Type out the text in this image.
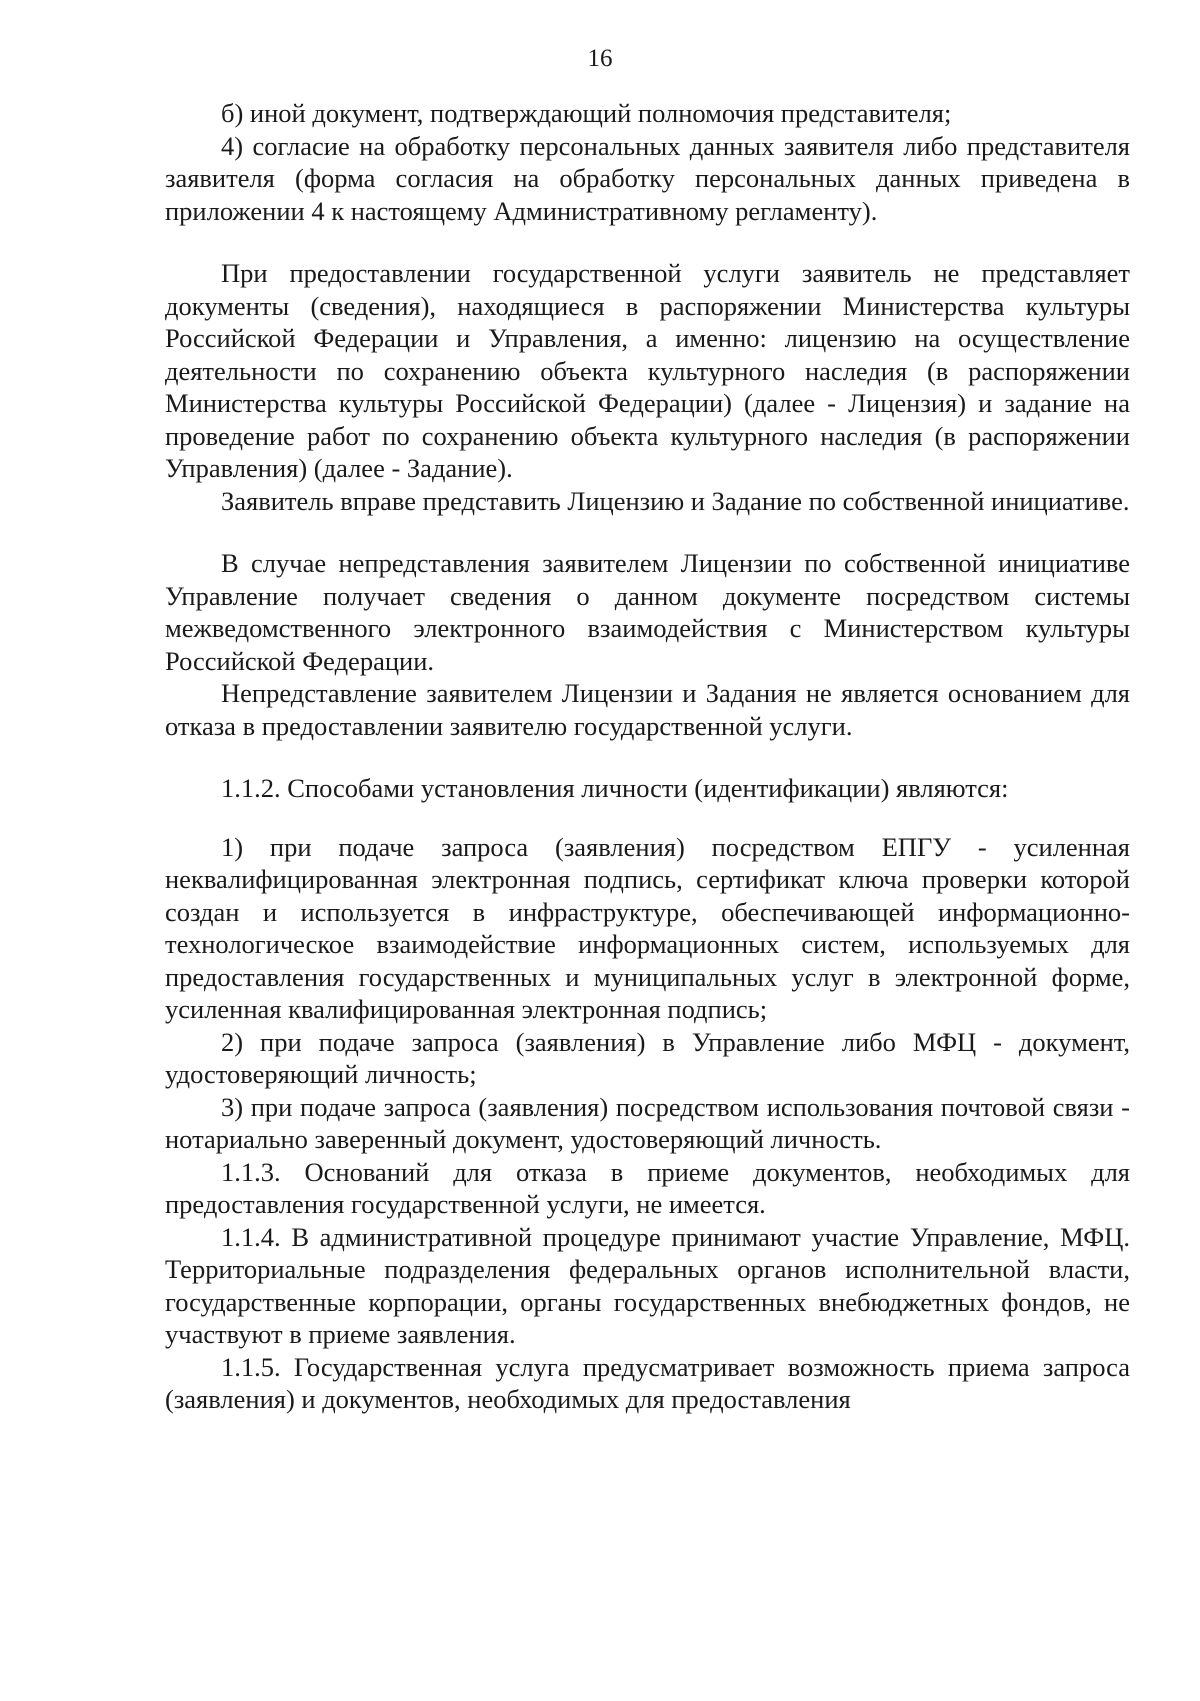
16

б) иной документ, подтверждающий полномочия представителя;

4) согласие на обработку персональных данных заявителя либо представителя заявителя (форма согласия на обработку персональных данных приведена в приложении 4 к настоящему Административному регламенту).

При предоставлении государственной услуги заявитель не представляет документы (сведения), находящиеся в распоряжении Министерства культуры Российской Федерации и Управления, а именно: лицензию на осуществление деятельности по сохранению объекта культурного наследия (в распоряжении Министерства культуры Российской Федерации) (далее - Лицензия) и задание на проведение работ по сохранению объекта культурного наследия (в распоряжении Управления) (далее - Задание).

Заявитель вправе представить Лицензию и Задание по собственной инициативе.

В случае непредставления заявителем Лицензии по собственной инициативе Управление получает сведения о данном документе посредством системы межведомственного электронного взаимодействия с Министерством культуры Российской Федерации.

Непредставление заявителем Лицензии и Задания не является основанием для отказа в предоставлении заявителю государственной услуги.

1.1.2. Способами установления личности (идентификации) являются:

1) при подаче запроса (заявления) посредством ЕПГУ - усиленная неквалифицированная электронная подпись, сертификат ключа проверки которой создан и используется в инфраструктуре, обеспечивающей информационно-технологическое взаимодействие информационных систем, используемых для предоставления государственных и муниципальных услуг в электронной форме, усиленная квалифицированная электронная подпись;

2) при подаче запроса (заявления) в Управление либо МФЦ - документ, удостоверяющий личность;

3) при подаче запроса (заявления) посредством использования почтовой связи - нотариально заверенный документ, удостоверяющий личность.

1.1.3. Оснований для отказа в приеме документов, необходимых для предоставления государственной услуги, не имеется.

1.1.4. В административной процедуре принимают участие Управление, МФЦ. Территориальные подразделения федеральных органов исполнительной власти, государственные корпорации, органы государственных внебюджетных фондов, не участвуют в приеме заявления.

1.1.5. Государственная услуга предусматривает возможность приема запроса (заявления) и документов, необходимых для предоставления
